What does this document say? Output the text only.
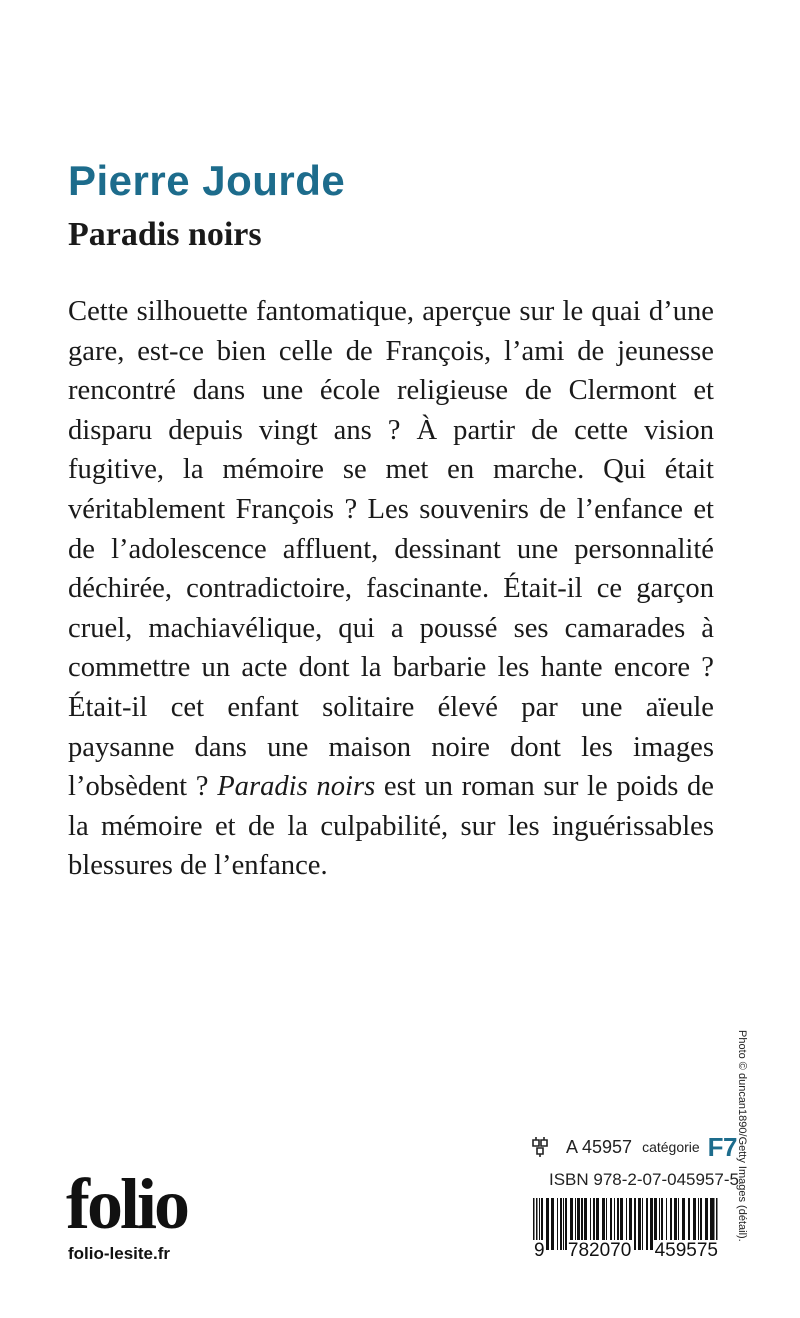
Pierre Jourde
Paradis noirs

Cette silhouette fantomatique, aperçue sur le quai d’une gare, est-ce bien celle de François, l’ami de jeunesse rencontré dans une école religieuse de Clermont et disparu depuis vingt ans ? À partir de cette vision fugitive, la mémoire se met en marche. Qui était véritablement François ? Les souvenirs de l’enfance et de l’adolescence affluent, dessinant une personnalité déchirée, contradictoire, fascinante. Était-il ce garçon cruel, machiavélique, qui a poussé ses camarades à commettre un acte dont la barbarie les hante encore ? Était-il cet enfant solitaire élevé par une aïeule paysanne dans une maison noire dont les images l’obsèdent ? Paradis noirs est un roman sur le poids de la mémoire et de la culpabilité, sur les inguérissables blessures de l’enfance.

Photo © duncan1890/Getty Images (détail).
A 45957 catégorie F7

ISBN 978-2-07-045957-5

9 782070 459575
folio

folio-lesite.fr
